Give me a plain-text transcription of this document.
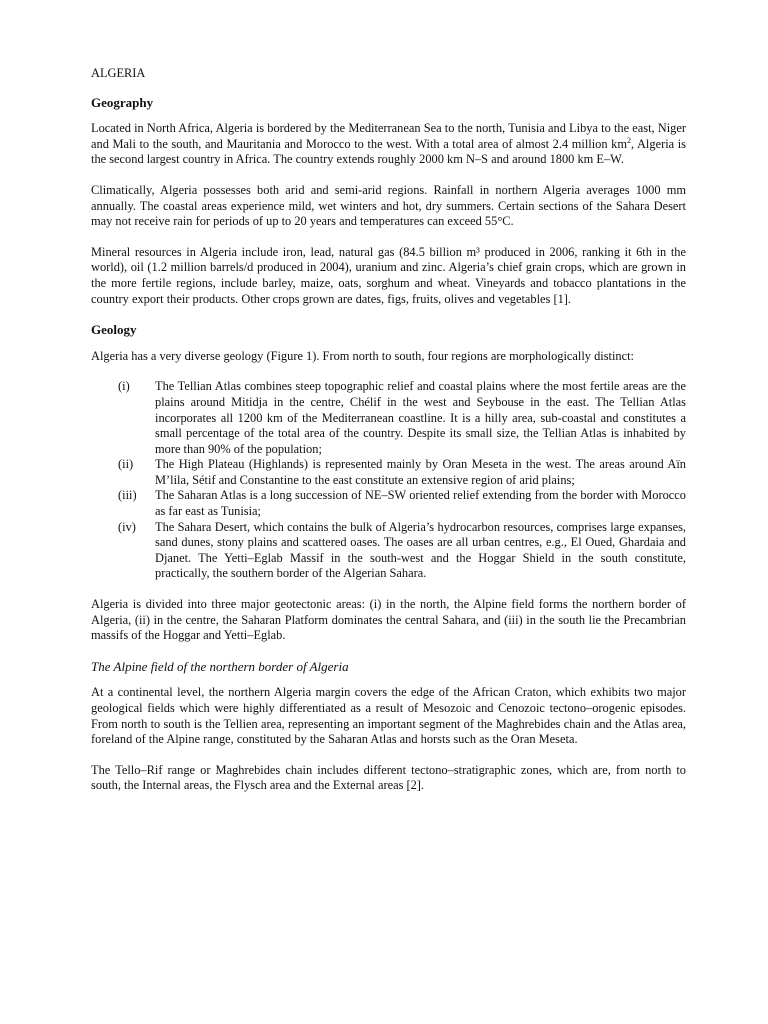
ALGERIA
Geography

Located in North Africa, Algeria is bordered by the Mediterranean Sea to the north, Tunisia and Libya to the east, Niger and Mali to the south, and Mauritania and Morocco to the west. With a total area of almost 2.4 million $km^2$, Algeria is the second largest country in Africa. The country extends roughly 2000 km N–S and around 1800 km E–W.

Climatically, Algeria possesses both arid and semi-arid regions. Rainfall in northern Algeria averages 1000 mm annually. The coastal areas experience mild, wet winters and hot, dry summers. Certain sections of the Sahara Desert may not receive rain for periods of up to 20 years and temperatures can exceed 55°C.

Mineral resources in Algeria include iron, lead, natural gas (84.5 billion m³ produced in 2006, ranking it 6th in the world), oil (1.2 million barrels/d produced in 2004), uranium and zinc. Algeria’s chief grain crops, which are grown in the more fertile regions, include barley, maize, oats, sorghum and wheat. Vineyards and tobacco plantations in the country export their products. Other crops grown are dates, figs, fruits, olives and vegetables [1].

Geology

Algeria has a very diverse geology (Figure 1). From north to south, four regions are morphologically distinct:

(i)	The Tellian Atlas combines steep topographic relief and coastal plains where the most fertile areas are the plains around Mitidja in the centre, Chélif in the west and Seybouse in the east. The Tellian Atlas incorporates all 1200 km of the Mediterranean coastline. It is a hilly area, sub-coastal and constitutes a small percentage of the total area of the country. Despite its small size, the Tellian Atlas is inhabited by more than 90% of the population;
(ii)	The High Plateau (Highlands) is represented mainly by Oran Meseta in the west. The areas around Aïn M’lila, Sétif and Constantine to the east constitute an extensive region of arid plains;
(iii)	The Saharan Atlas is a long succession of NE–SW oriented relief extending from the border with Morocco as far east as Tunisia;
(iv)	The Sahara Desert, which contains the bulk of Algeria’s hydrocarbon resources, comprises large expanses, sand dunes, stony plains and scattered oases. The oases are all urban centres, e.g., El Oued, Ghardaia and Djanet. The Yetti–Eglab Massif in the south-west and the Hoggar Shield in the south constitute, practically, the southern border of the Algerian Sahara.

Algeria is divided into three major geotectonic areas: (i) in the north, the Alpine field forms the northern border of Algeria, (ii) in the centre, the Saharan Platform dominates the central Sahara, and (iii) in the south lie the Precambrian massifs of the Hoggar and Yetti–Eglab.

The Alpine field of the northern border of Algeria

At a continental level, the northern Algeria margin covers the edge of the African Craton, which exhibits two major geological fields which were highly differentiated as a result of Mesozoic and Cenozoic tectono–orogenic episodes. From north to south is the Tellien area, representing an important segment of the Maghrebides chain and the Atlas area, foreland of the Alpine range, constituted by the Saharan Atlas and horsts such as the Oran Meseta.

The Tello–Rif range or Maghrebides chain includes different tectono–stratigraphic zones, which are, from north to south, the Internal areas, the Flysch area and the External areas [2].
